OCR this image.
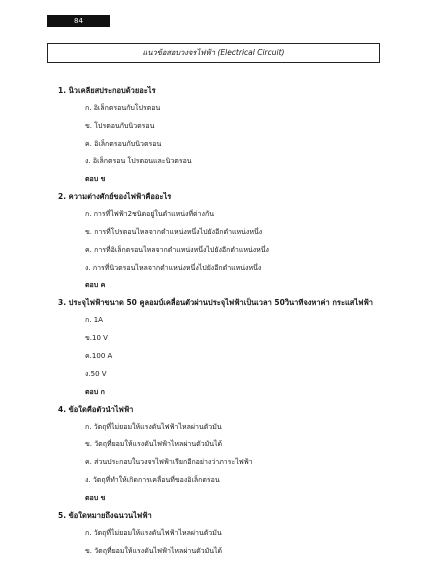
84
แนวข้อสอบวงจรไฟฟ้า (Electrical Circuit)
1. นิวเคลียสประกอบด้วยอะไร
ก. อิเล็กตรอนกับโปรตอน
ข. โปรตอนกับนิวตรอน
ค. อิเล็กตรอนกับนิวตรอน
ง. อิเล็กตรอน โปรตอนและนิวตรอน
ตอบ ข
2. ความต่างศักย์ของไฟฟ้าคืออะไร
ก. การที่ไฟฟ้า2ชนิดอยู่ในตำแหน่งที่ต่างกัน
ข. การที่โปรตอนไหลจากตำแหน่งหนึ่งไปยังอีกตำแหน่งหนึ่ง
ค. การที่อิเล็กตรอนไหลจากตำแหน่งหนึ่งไปยังอีกตำแหน่งหนึ่ง
ง. การที่นิวตรอนไหลจากตำแหน่งหนึ่งไปยังอีกตำแหน่งหนึ่ง
ตอบ ค
3. ประจุไฟฟ้าขนาด 50 คูลอมบ์เคลื่อนตัวผ่านประจุไฟฟ้าเป็นเวลา 50วินาทีจงหาค่า กระแสไฟฟ้า
ก. 1A
ข.10 V
ค.100 A
ง.50 V
ตอบ ก
4. ข้อใดคือตัวนำไฟฟ้า
ก. วัตถุที่ไม่ยอมให้แรงดันไฟฟ้าไหลผ่านตัวมัน
ข. วัตถุที่ยอมให้แรงดันไฟฟ้าไหลผ่านตัวมันได้
ค. ส่วนประกอบในวงจรไฟฟ้าเรียกอีกอย่างว่าภาระไฟฟ้า
ง. วัตถุที่ทำให้เกิดการเคลื่อนที่ของอิเล็กตรอน
ตอบ ข
5. ข้อใดหมายถึงฉนวนไฟฟ้า
ก. วัตถุที่ไม่ยอมให้แรงดันไฟฟ้าไหลผ่านตัวมัน
ข. วัตถุที่ยอมให้แรงดันไฟฟ้าไหลผ่านตัวมันได้
